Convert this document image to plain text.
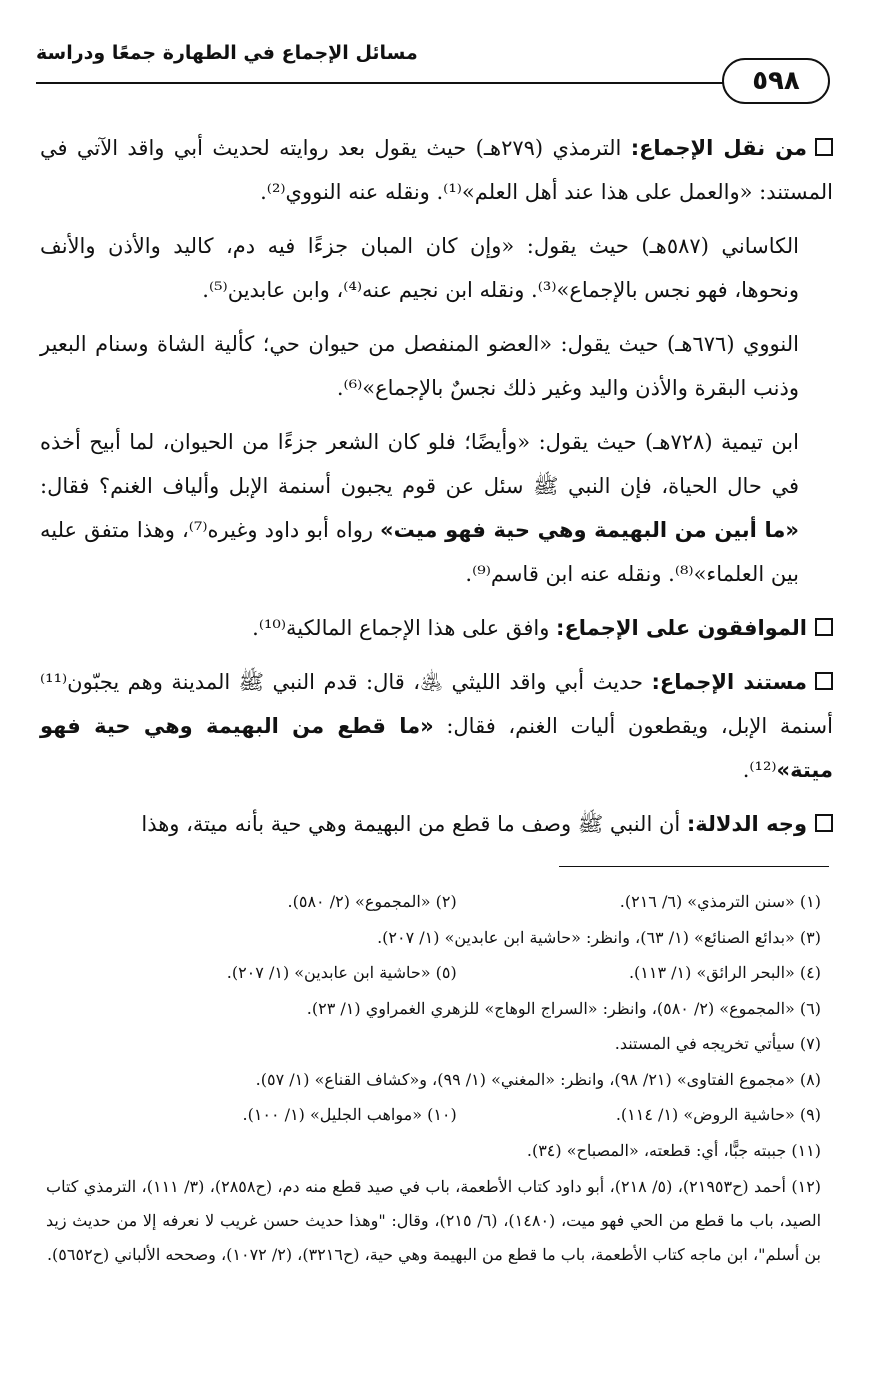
مسائل الإجماع في الطهارة جمعًا ودراسة
٥٩٨

من نقل الإجماع: الترمذي (٢٧٩هـ) حيث يقول بعد روايته لحديث أبي واقد الآتي في المستند: «والعمل على هذا عند أهل العلم»⁽¹⁾. ونقله عنه النووي⁽²⁾.

الكاساني (٥٨٧هـ) حيث يقول: «وإن كان المبان جزءًا فيه دم، كاليد والأذن والأنف ونحوها، فهو نجس بالإجماع»⁽³⁾. ونقله ابن نجيم عنه⁽⁴⁾، وابن عابدين⁽⁵⁾.

النووي (٦٧٦هـ) حيث يقول: «العضو المنفصل من حيوان حي؛ كألية الشاة وسنام البعير وذنب البقرة والأذن واليد وغير ذلك نجسٌ بالإجماع»⁽⁶⁾.

ابن تيمية (٧٢٨هـ) حيث يقول: «وأيضًا؛ فلو كان الشعر جزءًا من الحيوان، لما أبيح أخذه في حال الحياة، فإن النبي ﷺ سئل عن قوم يجبون أسنمة الإبل وألياف الغنم؟ فقال: «ما أبين من البهيمة وهي حية فهو ميت» رواه أبو داود وغيره⁽⁷⁾، وهذا متفق عليه بين العلماء»⁽⁸⁾. ونقله عنه ابن قاسم⁽⁹⁾.

الموافقون على الإجماع: وافق على هذا الإجماع المالكية⁽¹⁰⁾.

مستند الإجماع: حديث أبي واقد الليثي ﵁، قال: قدم النبي ﷺ المدينة وهم يجبّون⁽¹¹⁾ أسنمة الإبل، ويقطعون أليات الغنم، فقال: «ما قطع من البهيمة وهي حية فهو ميتة»⁽¹²⁾.

وجه الدلالة: أن النبي ﷺ وصف ما قطع من البهيمة وهي حية بأنه ميتة، وهذا

(١) «سنن الترمذي» (٦/ ٢١٦).
(٢) «المجموع» (٢/ ٥٨٠).
(٣) «بدائع الصنائع» (١/ ٦٣)، وانظر: «حاشية ابن عابدين» (١/ ٢٠٧).
(٤) «البحر الرائق» (١/ ١١٣).
(٥) «حاشية ابن عابدين» (١/ ٢٠٧).
(٦) «المجموع» (٢/ ٥٨٠)، وانظر: «السراج الوهاج» للزهري الغمراوي (١/ ٢٣).
(٧) سيأتي تخريجه في المستند.
(٨) «مجموع الفتاوى» (٢١/ ٩٨)، وانظر: «المغني» (١/ ٩٩)، و«كشاف القناع» (١/ ٥٧).
(٩) «حاشية الروض» (١/ ١١٤).
(١٠) «مواهب الجليل» (١/ ١٠٠).
(١١) جببته جبًّا، أي: قطعته، «المصباح» (٣٤).
(١٢) أحمد (ح٢١٩٥٣)، (٥/ ٢١٨)، أبو داود كتاب الأطعمة، باب في صيد قطع منه دم، (ح٢٨٥٨)، (٣/ ١١١)، الترمذي كتاب الصيد، باب ما قطع من الحي فهو ميت، (١٤٨٠)، (٦/ ٢١٥)، وقال: "وهذا حديث حسن غريب لا نعرفه إلا من حديث زيد بن أسلم"، ابن ماجه كتاب الأطعمة، باب ما قطع من البهيمة وهي حية، (ح٣٢١٦)، (٢/ ١٠٧٢)، وصححه الألباني (ح٥٦٥٢).
